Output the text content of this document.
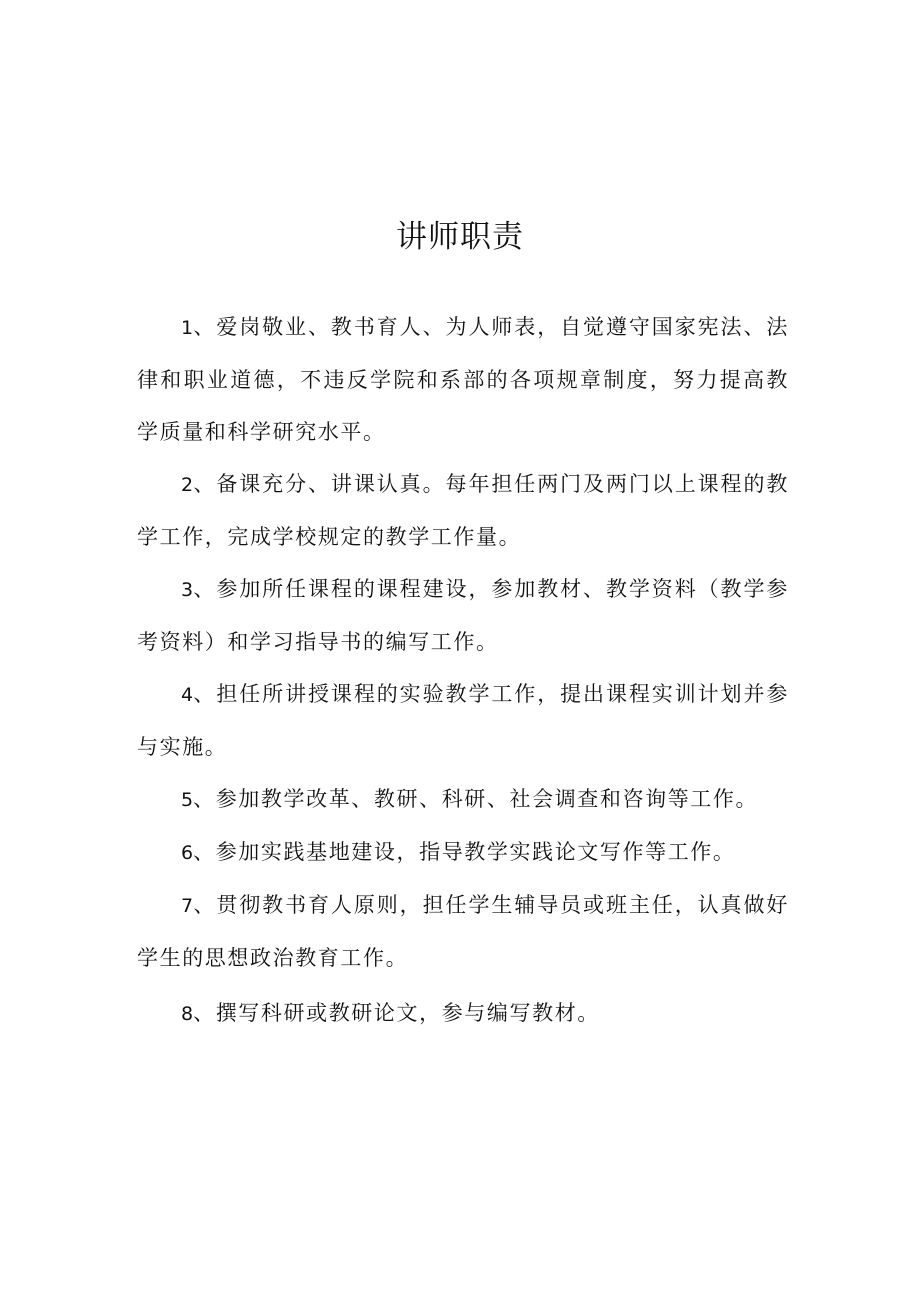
讲师职责

1、爱岗敬业、教书育人、为人师表，自觉遵守国家宪法、法律和职业道德，不违反学院和系部的各项规章制度，努力提高教学质量和科学研究水平。

2、备课充分、讲课认真。每年担任两门及两门以上课程的教学工作，完成学校规定的教学工作量。

3、参加所任课程的课程建设，参加教材、教学资料（教学参考资料）和学习指导书的编写工作。

4、担任所讲授课程的实验教学工作，提出课程实训计划并参与实施。

5、参加教学改革、教研、科研、社会调查和咨询等工作。

6、参加实践基地建设，指导教学实践论文写作等工作。

7、贯彻教书育人原则，担任学生辅导员或班主任，认真做好学生的思想政治教育工作。

8、撰写科研或教研论文，参与编写教材。
